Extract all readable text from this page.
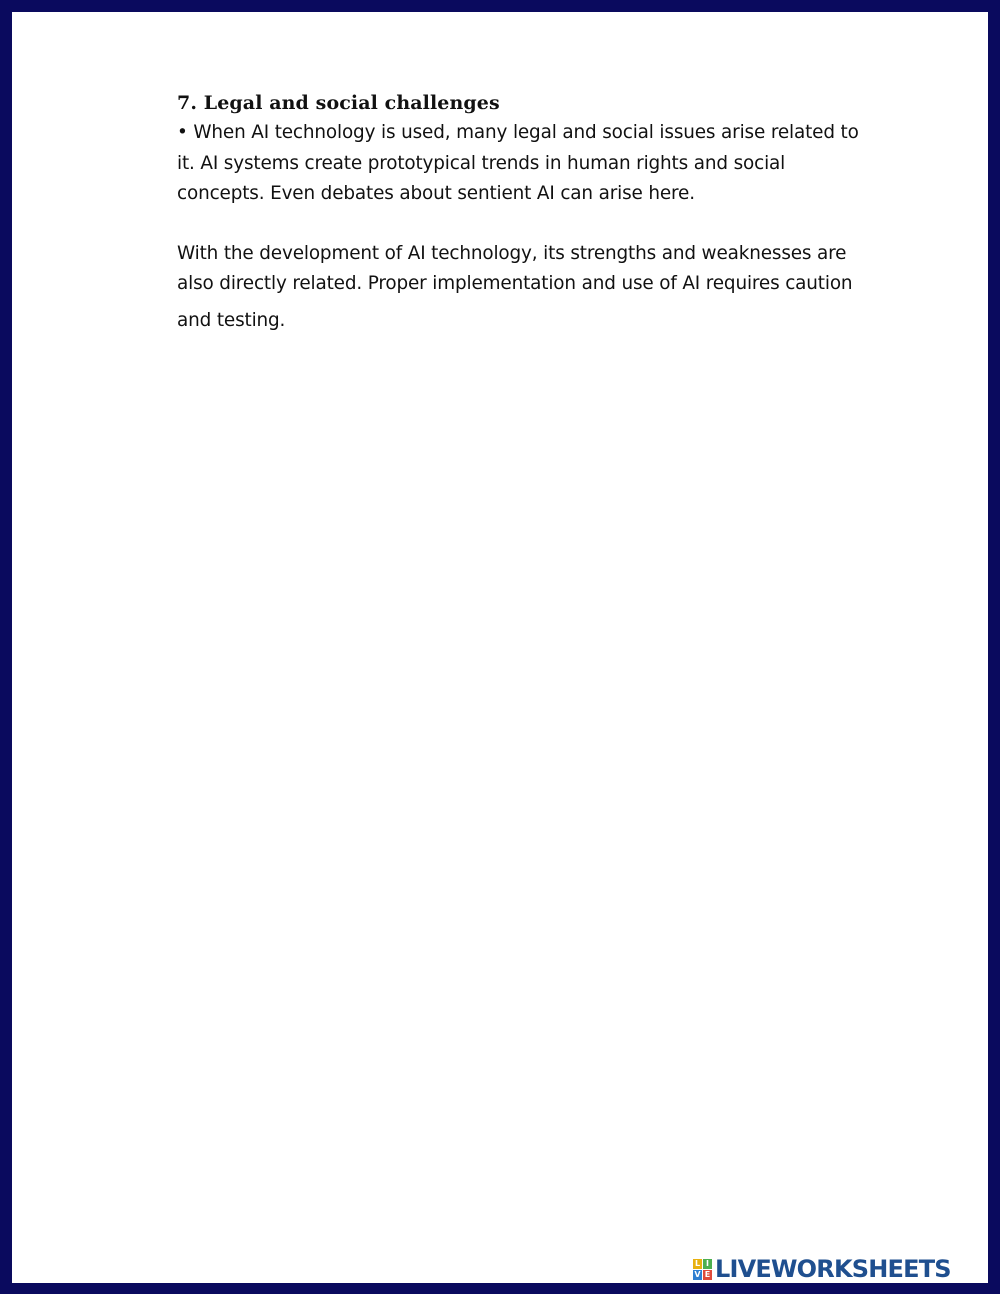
7. Legal and social challenges

• When AI technology is used, many legal and social issues arise related to
it. AI systems create prototypical trends in human rights and social
concepts. Even debates about sentient AI can arise here.

With the development of AI technology, its strengths and weaknesses are
also directly related. Proper implementation and use of AI requires caution
and testing.

L I
V E LIVEWORKSHEETS
